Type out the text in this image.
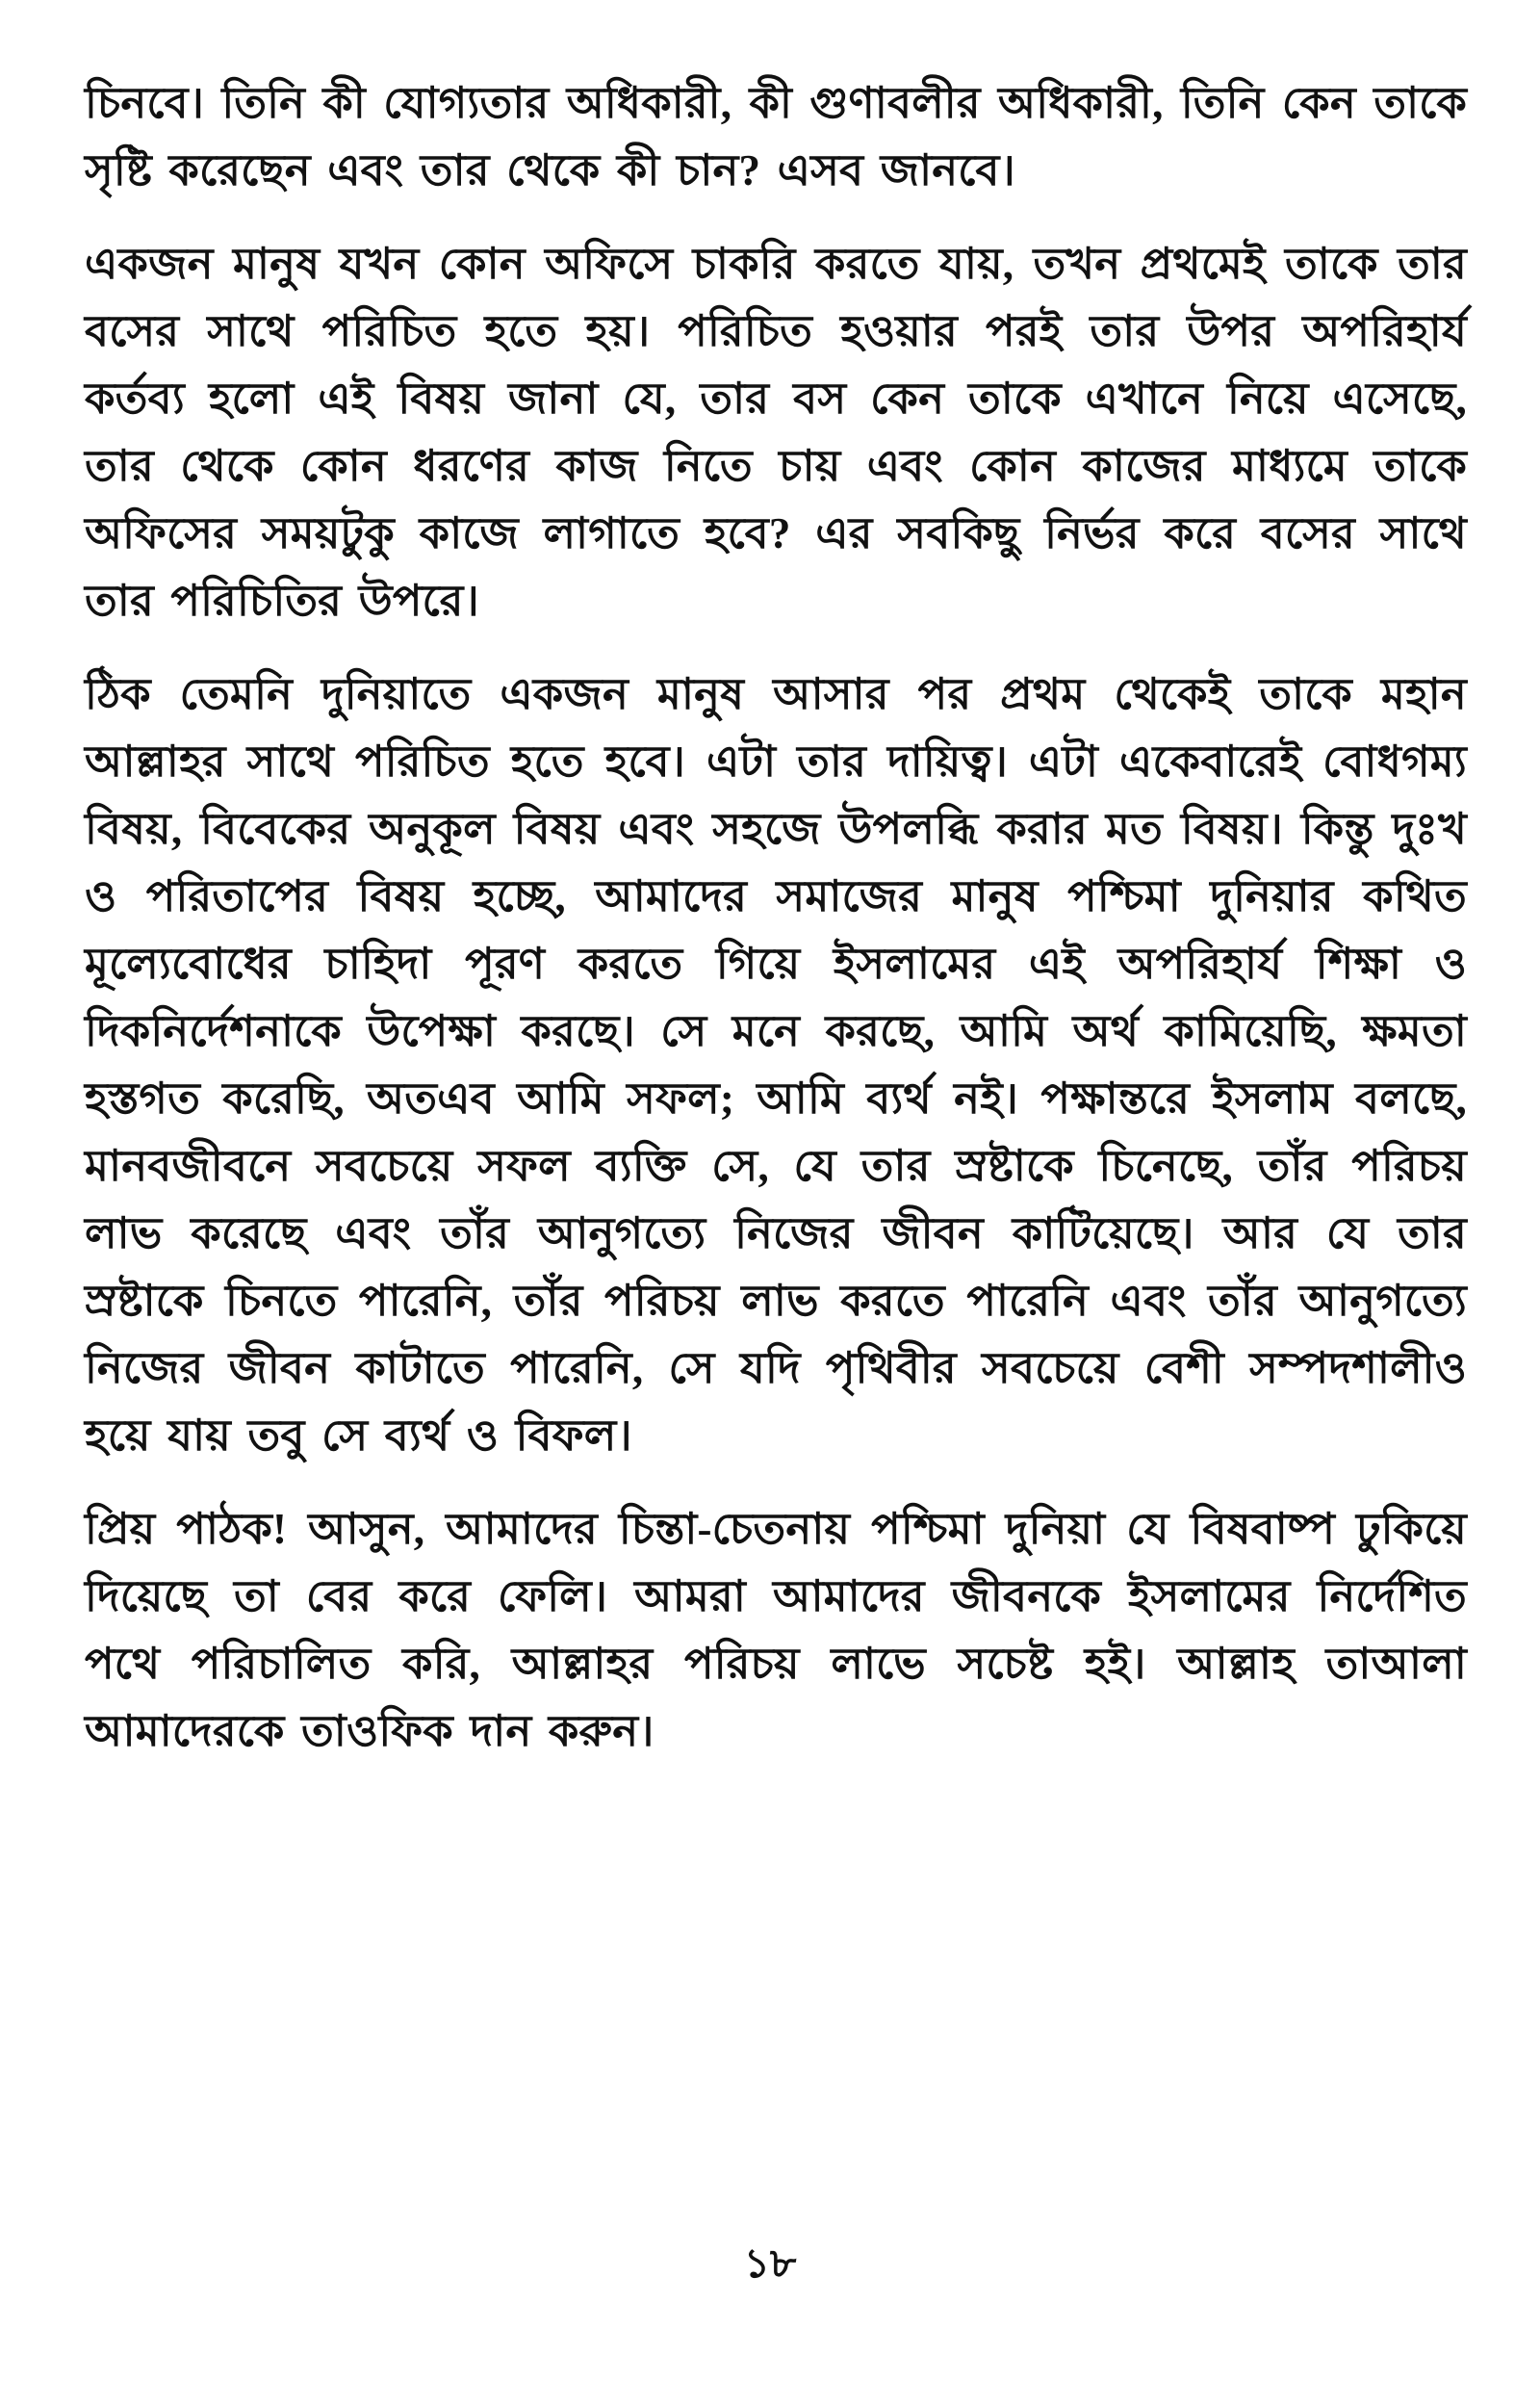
চিনবে। তিনি কী যোগ্যতার অধিকারী, কী গুণাবলীর অধিকারী, তিনি কেন তাকে সৃষ্টি করেছেন এবং তার থেকে কী চান? এসব জানবে।

একজন মানুষ যখন কোন অফিসে চাকরি করতে যায়, তখন প্রথমেই তাকে তার বসের সাথে পরিচিত হতে হয়। পরিচিত হওয়ার পরই তার উপর অপরিহার্য কর্তব্য হলো এই বিষয় জানা যে, তার বস কেন তাকে এখানে নিয়ে এসেছে, তার থেকে কোন ধরণের কাজ নিতে চায় এবং কোন কাজের মাধ্যমে তাকে অফিসের সময়টুকু কাজে লাগাতে হবে? এর সবকিছু নির্ভর করে বসের সাথে তার পরিচিতির উপরে।

ঠিক তেমনি দুনিয়াতে একজন মানুষ আসার পর প্রথম থেকেই তাকে মহান আল্লাহর সাথে পরিচিত হতে হবে। এটা তার দায়িত্ব। এটা একেবারেই বোধগম্য বিষয়, বিবেকের অনুকূল বিষয় এবং সহজে উপলব্ধি করার মত বিষয়। কিন্তু দুঃখ ও পরিতাপের বিষয় হচ্ছে, আমাদের সমাজের মানুষ পশ্চিমা দুনিয়ার কথিত মূল্যেবোধের চাহিদা পূরণ করতে গিয়ে ইসলামের এই অপরিহার্য শিক্ষা ও দিকনির্দেশনাকে উপেক্ষা করছে। সে মনে করছে, আমি অর্থ কামিয়েছি, ক্ষমতা হস্তগত করেছি, অতএব আমি সফল; আমি ব্যর্থ নই। পক্ষান্তরে ইসলাম বলছে, মানবজীবনে সবচেয়ে সফল ব্যক্তি সে, যে তার স্রষ্টাকে চিনেছে, তাঁর পরিচয় লাভ করেছে এবং তাঁর আনুগত্যে নিজের জীবন কাটিয়েছে। আর যে তার স্রষ্টাকে চিনতে পারেনি, তাঁর পরিচয় লাভ করতে পারেনি এবং তাঁর আনুগত্যে নিজের জীবন কাটাতে পারেনি, সে যদি পৃথিবীর সবচেয়ে বেশী সম্পদশালীও হয়ে যায় তবু সে ব্যর্থ ও বিফল।

প্রিয় পাঠক! আসুন, আমাদের চিন্তা-চেতনায় পশ্চিমা দুনিয়া যে বিষবাষ্প ঢুকিয়ে দিয়েছে তা বের করে ফেলি। আমরা আমাদের জীবনকে ইসলামের নির্দেশিত পথে পরিচালিত করি, আল্লাহর পরিচয় লাভে সচেষ্ট হই। আল্লাহ তাআলা আমাদেরকে তাওফিক দান করুন।

১৮
